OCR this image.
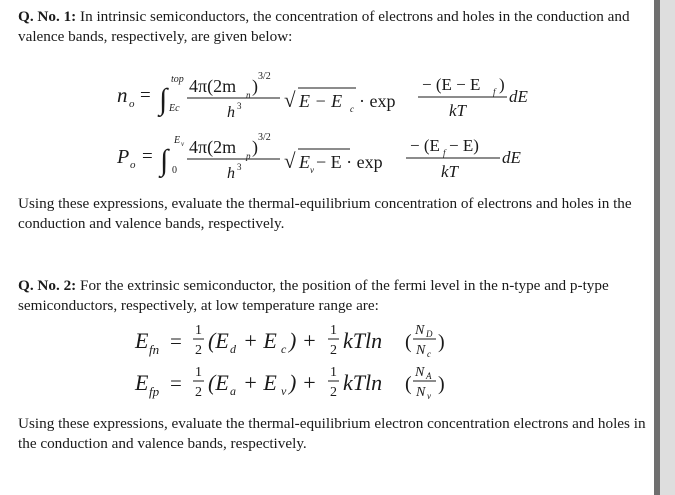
Q. No. 1: In intrinsic semiconductors, the concentration of electrons and holes in the conduction and valence bands, respectively, are given below:

n o = ∫
top
Ec
4π(2m n ) 3/2
h 3 √ E − E c · exp
− (E − E f )
kT
dE
P o = ∫
E v
0
4π(2m p ) 3/2
h 3 √ E v − E · exp
− (E f − E)
kT
dE

Using these expressions, evaluate the thermal-equilibrium concentration of electrons and holes in the conduction and valence bands, respectively.

Q. No. 2: For the extrinsic semiconductor, the position of the fermi level in the n-type and p-type semiconductors, respectively, at low temperature range are:

E fn = 1
2 (E d + E c ) + 1
2 kTln (
N D
N c
)
E fp = 1
2 (E a + E v ) + 1
2 kTln (
N A
N v
)

Using these expressions, evaluate the thermal-equilibrium electron concentration electrons and holes in the conduction and valence bands, respectively.
